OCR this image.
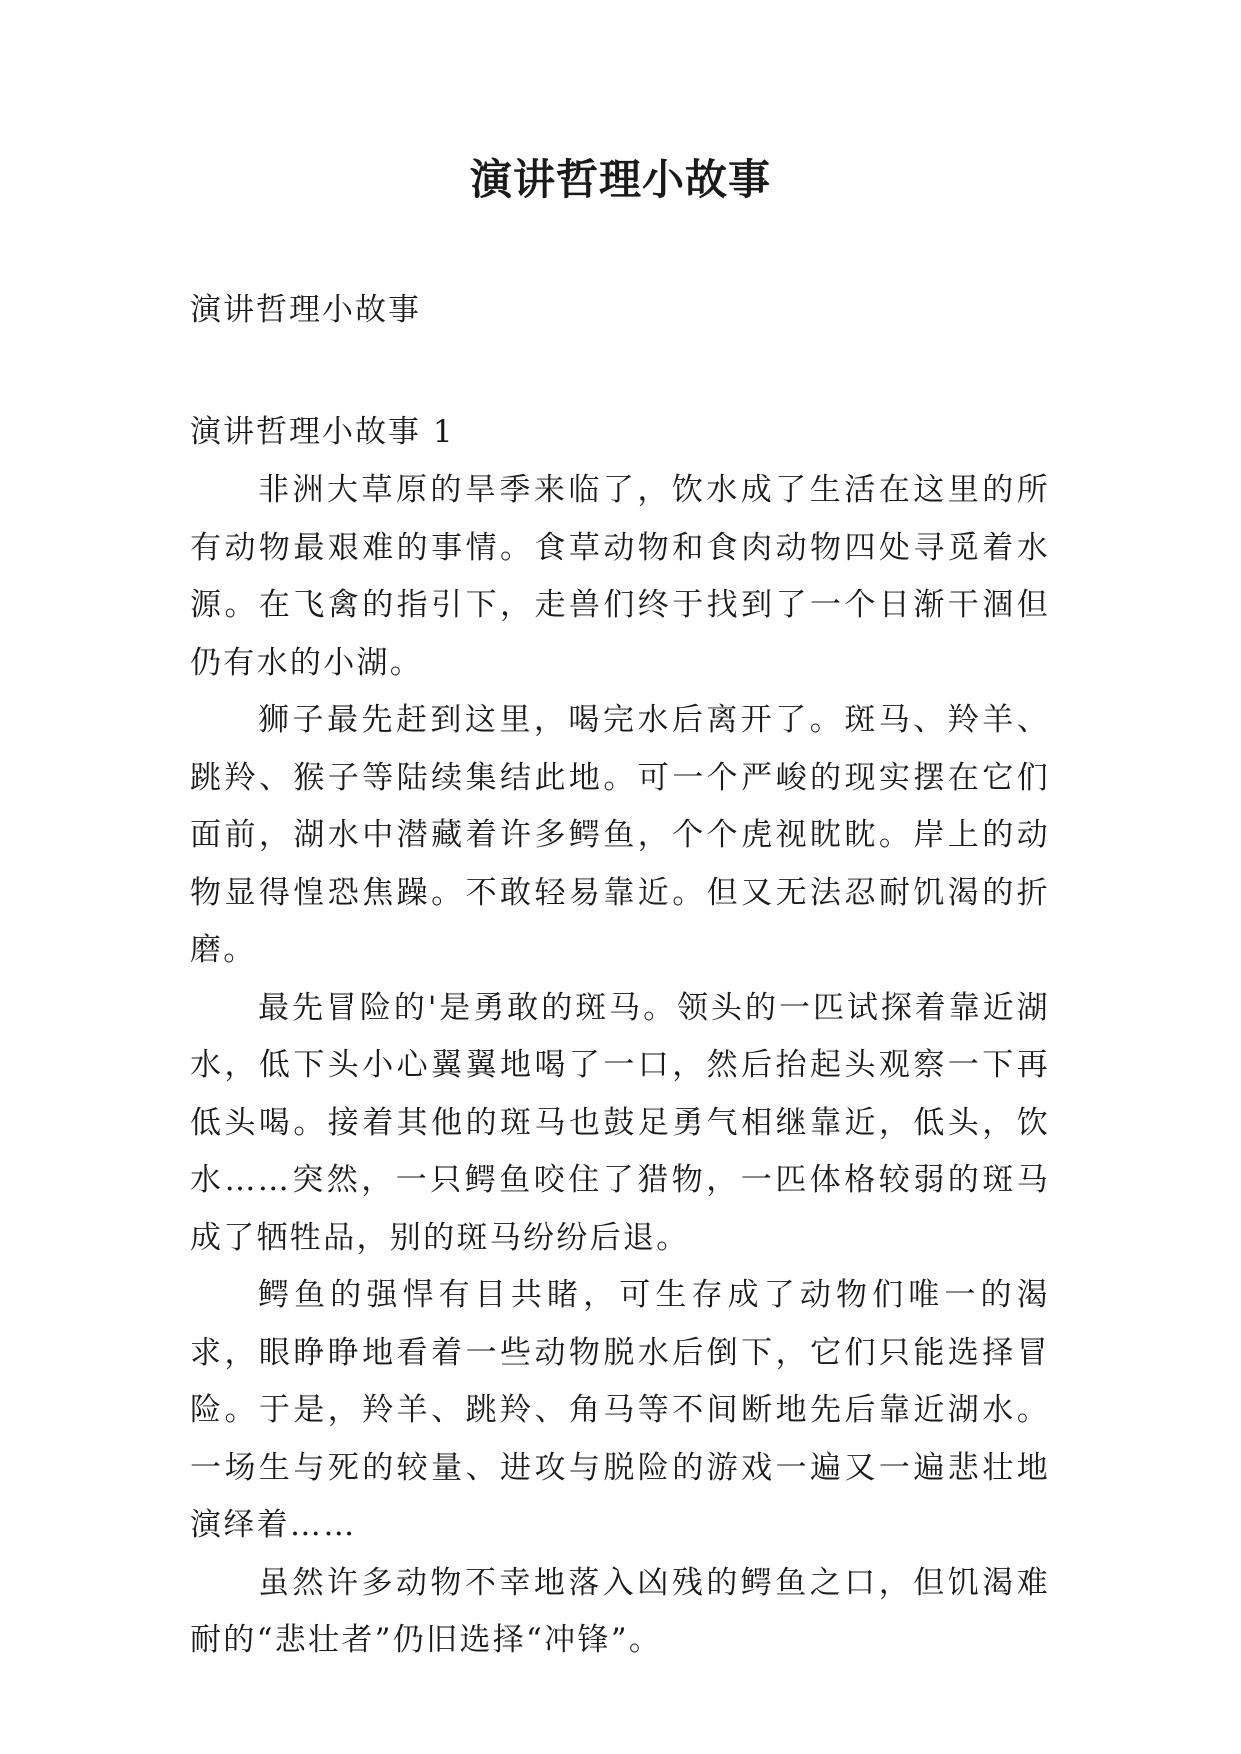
演讲哲理小故事

演讲哲理小故事

演讲哲理小故事 1

非洲大草原的旱季来临了，饮水成了生活在这里的所有动物最艰难的事情。食草动物和食肉动物四处寻觅着水源。在飞禽的指引下，走兽们终于找到了一个日渐干涸但仍有水的小湖。

狮子最先赶到这里，喝完水后离开了。斑马、羚羊、跳羚、猴子等陆续集结此地。可一个严峻的现实摆在它们面前，湖水中潜藏着许多鳄鱼，个个虎视眈眈。岸上的动物显得惶恐焦躁。不敢轻易靠近。但又无法忍耐饥渴的折磨。

最先冒险的'是勇敢的斑马。领头的一匹试探着靠近湖水，低下头小心翼翼地喝了一口，然后抬起头观察一下再低头喝。接着其他的斑马也鼓足勇气相继靠近，低头，饮水……突然，一只鳄鱼咬住了猎物，一匹体格较弱的斑马成了牺牲品，别的斑马纷纷后退。

鳄鱼的强悍有目共睹，可生存成了动物们唯一的渴求，眼睁睁地看着一些动物脱水后倒下，它们只能选择冒险。于是，羚羊、跳羚、角马等不间断地先后靠近湖水。一场生与死的较量、进攻与脱险的游戏一遍又一遍悲壮地演绎着……

虽然许多动物不幸地落入凶残的鳄鱼之口，但饥渴难耐的“悲壮者”仍旧选择“冲锋”。
